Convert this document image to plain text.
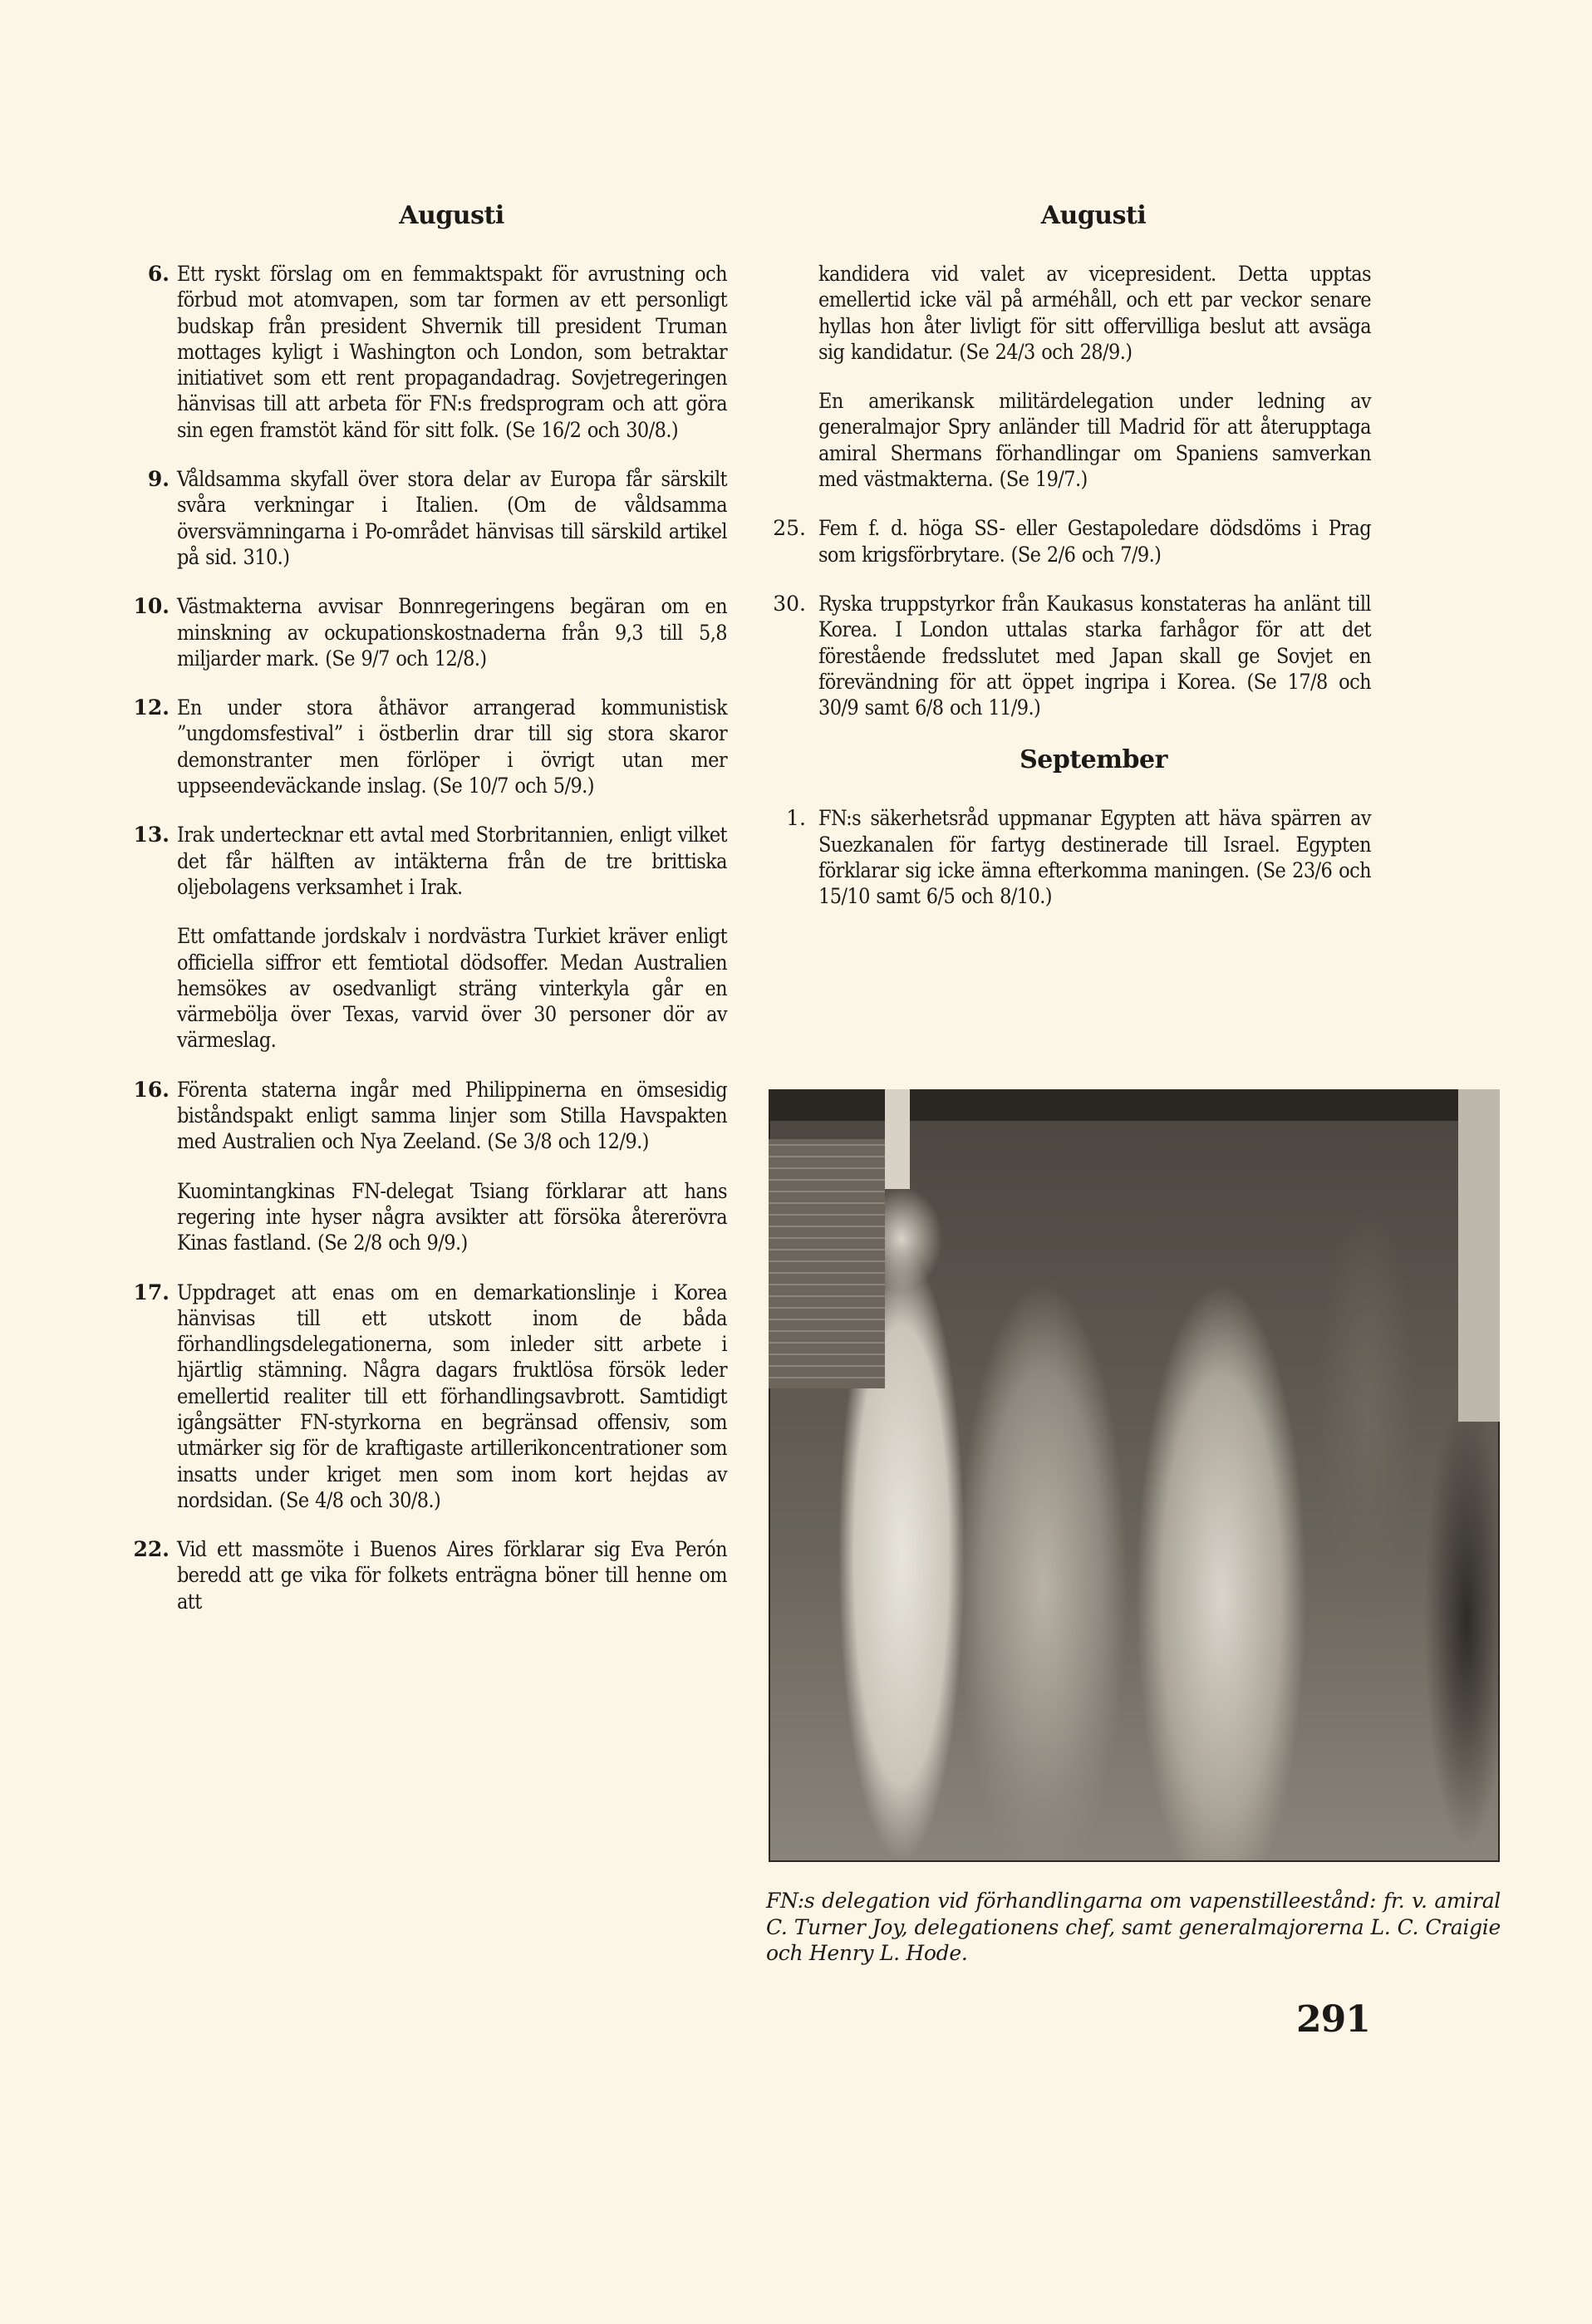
Augusti
6. Ett ryskt förslag om en femmaktspakt för avrustning och förbud mot atomvapen, som tar formen av ett personligt budskap från president Shvernik till president Truman mottages kyligt i Washington och London, som betraktar initiativet som ett rent propagandadrag. Sovjetregeringen hänvisas till att arbeta för FN:s fredsprogram och att göra sin egen framstöt känd för sitt folk. (Se 16/2 och 30/8.)
9. Våldsamma skyfall över stora delar av Europa får särskilt svåra verkningar i Italien. (Om de våldsamma översvämningarna i Po-området hänvisas till särskild artikel på sid. 310.)
10. Västmakterna avvisar Bonnregeringens begäran om en minskning av ockupationskostnaderna från 9,3 till 5,8 miljarder mark. (Se 9/7 och 12/8.)
12. En under stora åthävor arrangerad kommunistisk ”ungdomsfestival” i östberlin drar till sig stora skaror demonstranter men förlöper i övrigt utan mer uppseendeväckande inslag. (Se 10/7 och 5/9.)
13. Irak undertecknar ett avtal med Storbritannien, enligt vilket det får hälften av intäkterna från de tre brittiska oljebolagens verksamhet i Irak.
Ett omfattande jordskalv i nordvästra Turkiet kräver enligt officiella siffror ett femtiotal dödsoffer. Medan Australien hemsökes av osedvanligt sträng vinterkyla går en värmebölja över Texas, varvid över 30 personer dör av värmeslag.
16. Förenta staterna ingår med Philippinerna en ömsesidig biståndspakt enligt samma linjer som Stilla Havspakten med Australien och Nya Zeeland. (Se 3/8 och 12/9.)
Kuomintangkinas FN-delegat Tsiang förklarar att hans regering inte hyser några avsikter att försöka återerövra Kinas fastland. (Se 2/8 och 9/9.)
17. Uppdraget att enas om en demarkationslinje i Korea hänvisas till ett utskott inom de båda förhandlingsdelegationerna, som inleder sitt arbete i hjärtlig stämning. Några dagars fruktlösa försök leder emellertid realiter till ett förhandlingsavbrott. Samtidigt igångsätter FN-styrkorna en begränsad offensiv, som utmärker sig för de kraftigaste artillerikoncentrationer som insatts under kriget men som inom kort hejdas av nordsidan. (Se 4/8 och 30/8.)
22. Vid ett massmöte i Buenos Aires förklarar sig Eva Perón beredd att ge vika för folkets enträgna böner till henne om att
Augusti
kandidera vid valet av vicepresident. Detta upptas emellertid icke väl på arméhåll, och ett par veckor senare hyllas hon åter livligt för sitt offervilliga beslut att avsäga sig kandidatur. (Se 24/3 och 28/9.)
En amerikansk militärdelegation under ledning av generalmajor Spry anländer till Madrid för att återupptaga amiral Shermans förhandlingar om Spaniens samverkan med västmakterna. (Se 19/7.)
25. Fem f. d. höga SS- eller Gestapoledare dödsdöms i Prag som krigsförbrytare. (Se 2/6 och 7/9.)
30. Ryska truppstyrkor från Kaukasus konstateras ha anlänt till Korea. I London uttalas starka farhågor för att det förestående fredsslutet med Japan skall ge Sovjet en förevändning för att öppet ingripa i Korea. (Se 17/8 och 30/9 samt 6/8 och 11/9.)
September
1. FN:s säkerhetsråd uppmanar Egypten att häva spärren av Suezkanalen för fartyg destinerade till Israel. Egypten förklarar sig icke ämna efterkomma maningen. (Se 23/6 och 15/10 samt 6/5 och 8/10.)
FN:s delegation vid förhandlingarna om vapenstilleestånd: fr. v. amiral C. Turner Joy, delegationens chef, samt generalmajorerna L. C. Craigie och Henry L. Hode.
291
